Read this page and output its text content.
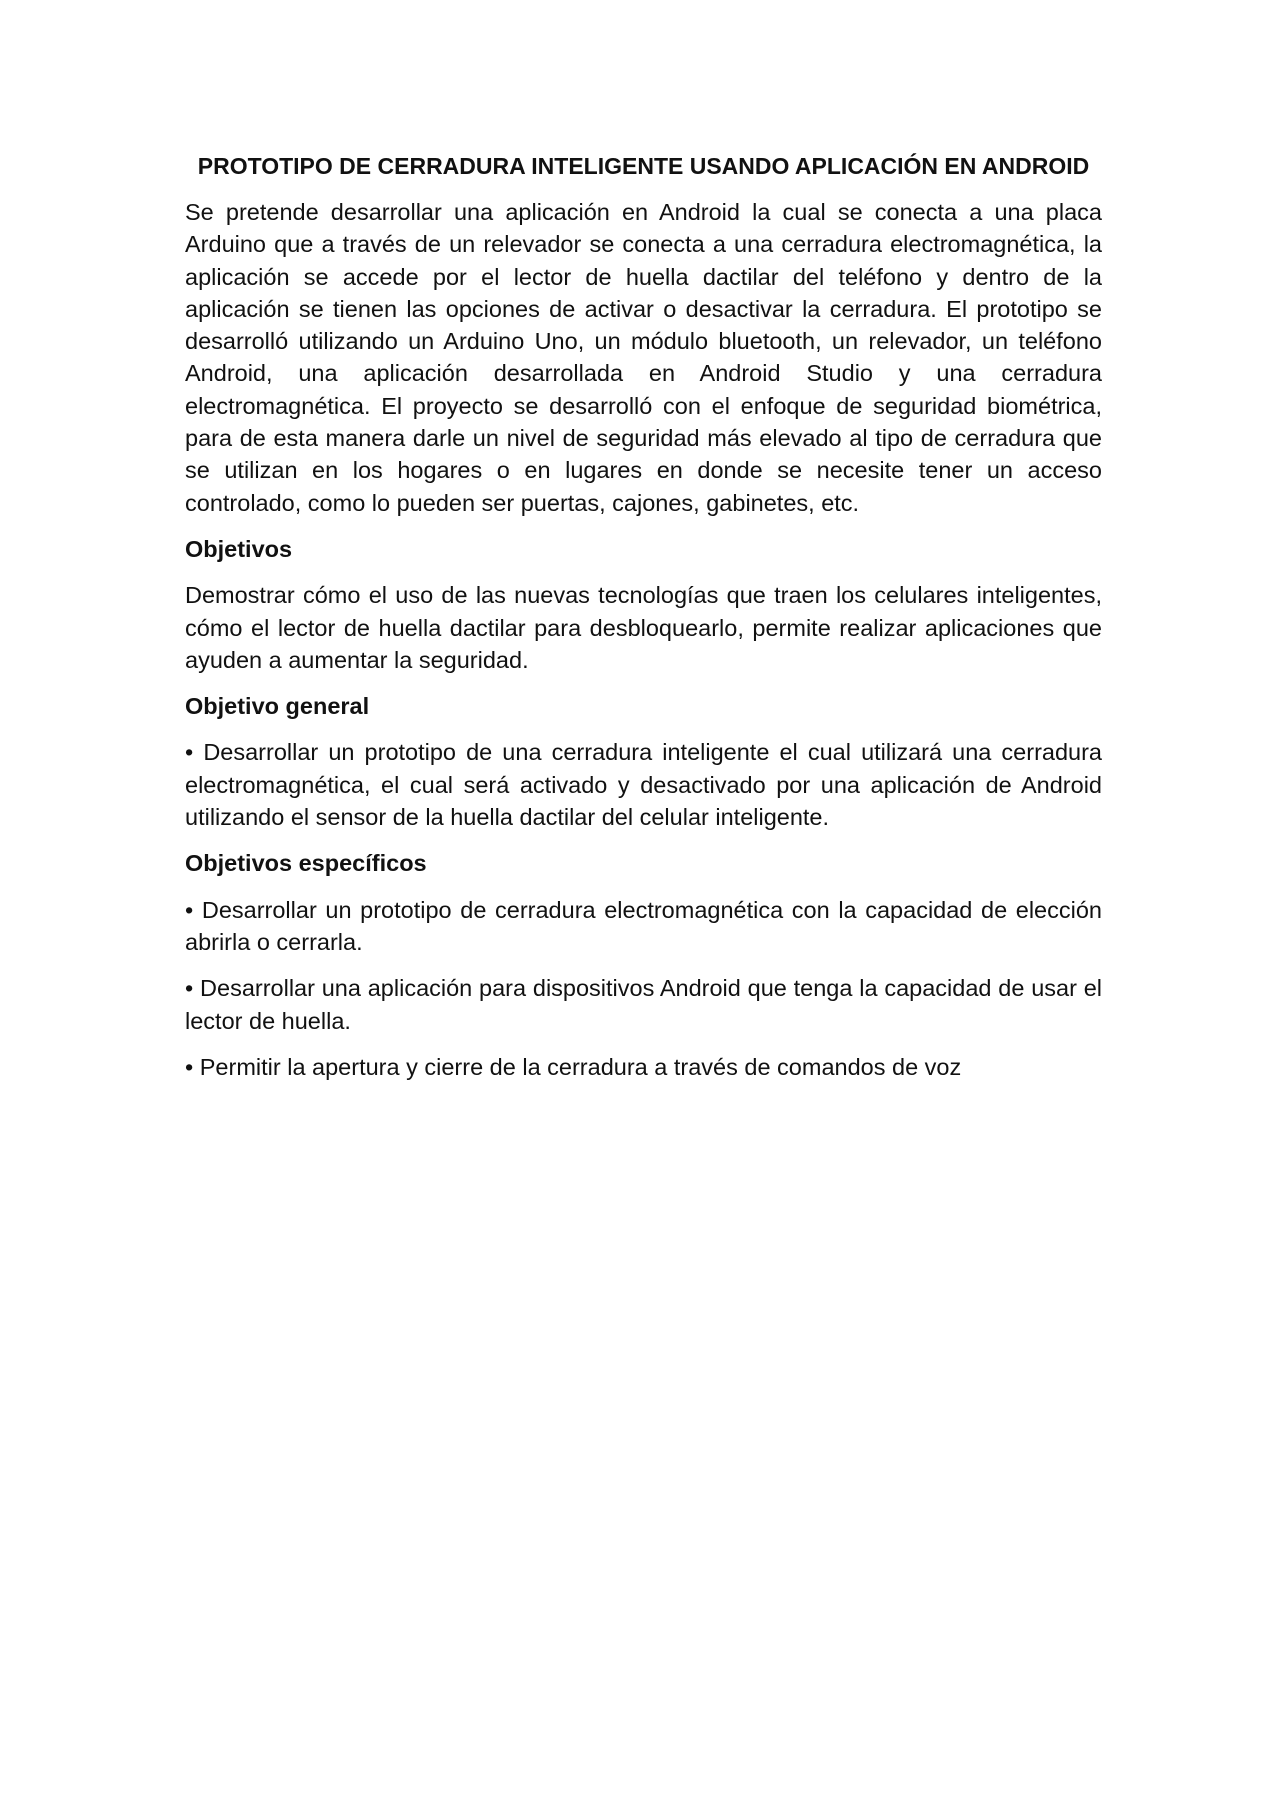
PROTOTIPO DE CERRADURA INTELIGENTE USANDO APLICACIÓN EN ANDROID

Se pretende desarrollar una aplicación en Android la cual se conecta a una placa Arduino que a través de un relevador se conecta a una cerradura electromagnética, la aplicación se accede por el lector de huella dactilar del teléfono y dentro de la aplicación se tienen las opciones de activar o desactivar la cerradura. El prototipo se desarrolló utilizando un Arduino Uno, un módulo bluetooth, un relevador, un teléfono Android, una aplicación desarrollada en Android Studio y una cerradura electromagnética. El proyecto se desarrolló con el enfoque de seguridad biométrica, para de esta manera darle un nivel de seguridad más elevado al tipo de cerradura que se utilizan en los hogares o en lugares en donde se necesite tener un acceso controlado, como lo pueden ser puertas, cajones, gabinetes, etc.

Objetivos

Demostrar cómo el uso de las nuevas tecnologías que traen los celulares inteligentes, cómo el lector de huella dactilar para desbloquearlo, permite realizar aplicaciones que ayuden a aumentar la seguridad.

Objetivo general

• Desarrollar un prototipo de una cerradura inteligente el cual utilizará una cerradura electromagnética, el cual será activado y desactivado por una aplicación de Android utilizando el sensor de la huella dactilar del celular inteligente.

Objetivos específicos

• Desarrollar un prototipo de cerradura electromagnética con la capacidad de elección abrirla o cerrarla.

• Desarrollar una aplicación para dispositivos Android que tenga la capacidad de usar el lector de huella.

• Permitir la apertura y cierre de la cerradura a través de comandos de voz
